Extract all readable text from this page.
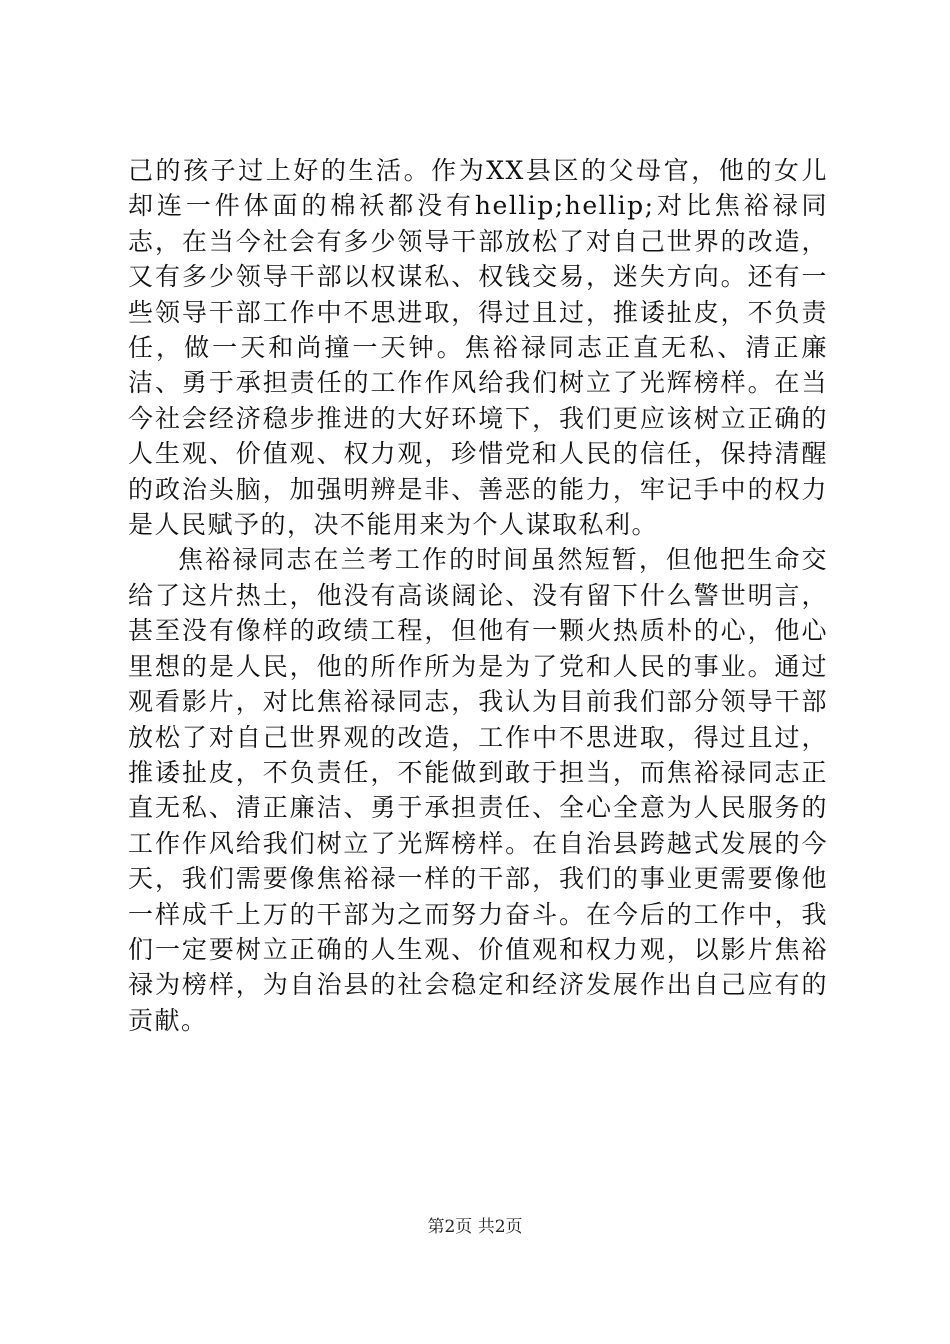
己的孩子过上好的生活。作为XX县区的父母官，他的女儿却连一件体面的棉袄都没有hellip;hellip;对比焦裕禄同志，在当今社会有多少领导干部放松了对自己世界的改造，又有多少领导干部以权谋私、权钱交易，迷失方向。还有一些领导干部工作中不思进取，得过且过，推诿扯皮，不负责任，做一天和尚撞一天钟。焦裕禄同志正直无私、清正廉洁、勇于承担责任的工作作风给我们树立了光辉榜样。在当今社会经济稳步推进的大好环境下，我们更应该树立正确的人生观、价值观、权力观，珍惜党和人民的信任，保持清醒的政治头脑，加强明辨是非、善恶的能力，牢记手中的权力是人民赋予的，决不能用来为个人谋取私利。

焦裕禄同志在兰考工作的时间虽然短暂，但他把生命交给了这片热土，他没有高谈阔论、没有留下什么警世明言，甚至没有像样的政绩工程，但他有一颗火热质朴的心，他心里想的是人民，他的所作所为是为了党和人民的事业。通过观看影片，对比焦裕禄同志，我认为目前我们部分领导干部放松了对自己世界观的改造，工作中不思进取，得过且过，推诿扯皮，不负责任，不能做到敢于担当，而焦裕禄同志正直无私、清正廉洁、勇于承担责任、全心全意为人民服务的工作作风给我们树立了光辉榜样。在自治县跨越式发展的今天，我们需要像焦裕禄一样的干部，我们的事业更需要像他一样成千上万的干部为之而努力奋斗。在今后的工作中，我们一定要树立正确的人生观、价值观和权力观，以影片焦裕禄为榜样，为自治县的社会稳定和经济发展作出自己应有的贡献。

第2页 共2页
